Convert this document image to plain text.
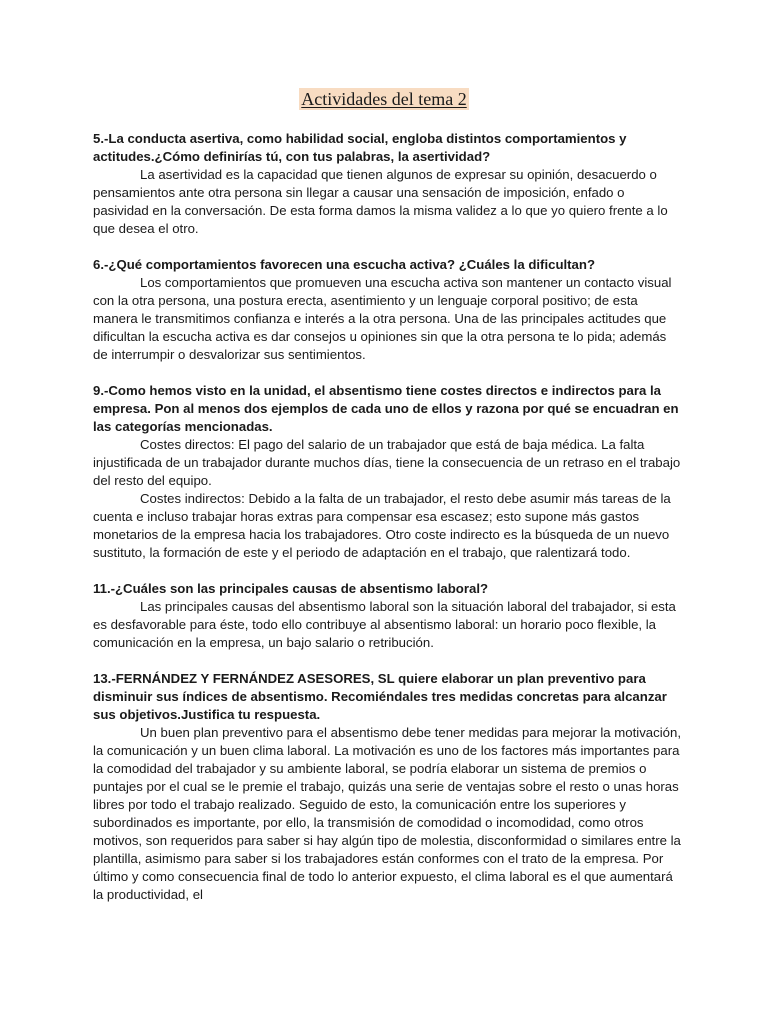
Actividades del tema 2

5.-La conducta asertiva, como habilidad social, engloba distintos comportamientos y actitudes.¿Cómo definirías tú, con tus palabras, la asertividad?

La asertividad es la capacidad que tienen algunos de expresar su opinión, desacuerdo o pensamientos ante otra persona sin llegar a causar una sensación de imposición, enfado o pasividad en la conversación. De esta forma damos la misma validez a lo que yo quiero frente a lo que desea el otro.

6.-¿Qué comportamientos favorecen una escucha activa? ¿Cuáles la dificultan?

Los comportamientos que promueven una escucha activa son mantener un contacto visual con la otra persona, una postura erecta, asentimiento y un lenguaje corporal positivo; de esta manera le transmitimos confianza e interés a la otra persona. Una de las principales actitudes que dificultan la escucha activa es dar consejos u opiniones sin que la otra persona te lo pida; además de interrumpir o desvalorizar sus sentimientos.

9.-Como hemos visto en la unidad, el absentismo tiene costes directos e indirectos para la empresa. Pon al menos dos ejemplos de cada uno de ellos y razona por qué se encuadran en las categorías mencionadas.

Costes directos: El pago del salario de un trabajador que está de baja médica. La falta injustificada de un trabajador durante muchos días, tiene la consecuencia de un retraso en el trabajo del resto del equipo.

Costes indirectos: Debido a la falta de un trabajador, el resto debe asumir más tareas de la cuenta e incluso trabajar horas extras para compensar esa escasez; esto supone más gastos monetarios de la empresa hacia los trabajadores. Otro coste indirecto es la búsqueda de un nuevo sustituto, la formación de este y el periodo de adaptación en el trabajo, que ralentizará todo.

11.-¿Cuáles son las principales causas de absentismo laboral?

Las principales causas del absentismo laboral son la situación laboral del trabajador, si esta es desfavorable para éste, todo ello contribuye al absentismo laboral: un horario poco flexible, la comunicación en la empresa, un bajo salario o retribución.

13.-FERNÁNDEZ Y FERNÁNDEZ ASESORES, SL quiere elaborar un plan preventivo para disminuir sus índices de absentismo. Recomiéndales tres medidas concretas para alcanzar sus objetivos.Justifica tu respuesta.

Un buen plan preventivo para el absentismo debe tener medidas para mejorar la motivación, la comunicación y un buen clima laboral. La motivación es uno de los factores más importantes para la comodidad del trabajador y su ambiente laboral, se podría elaborar un sistema de premios o puntajes por el cual se le premie el trabajo, quizás una serie de ventajas sobre el resto o unas horas libres por todo el trabajo realizado. Seguido de esto, la comunicación entre los superiores y subordinados es importante, por ello, la transmisión de comodidad o incomodidad, como otros motivos, son requeridos para saber si hay algún tipo de molestia, disconformidad o similares entre la plantilla, asimismo para saber si los trabajadores están conformes con el trato de la empresa. Por último y como consecuencia final de todo lo anterior expuesto, el clima laboral es el que aumentará la productividad, el
